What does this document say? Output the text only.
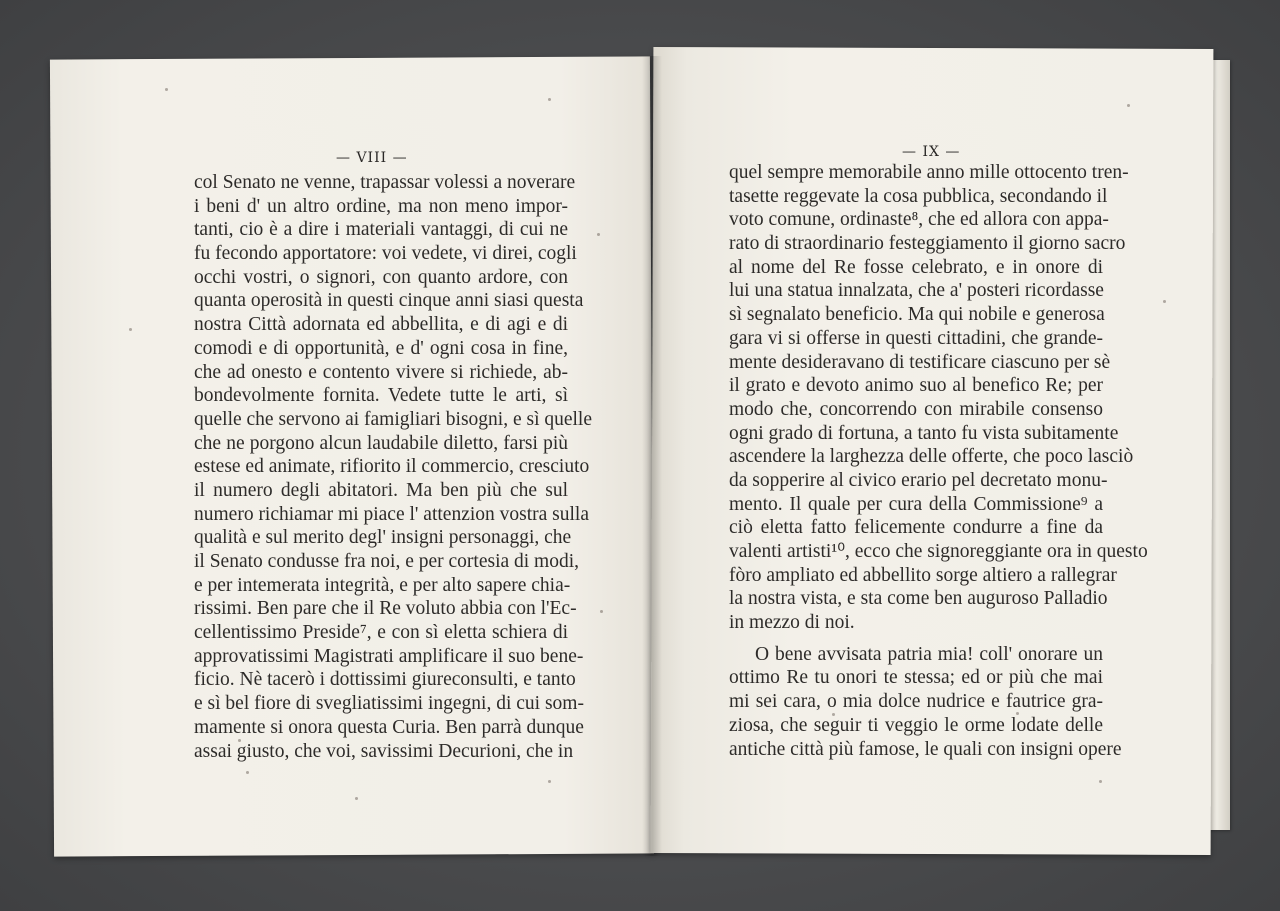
— VIII —	— IX —
col Senato ne venne, trapassar volessi a noverare
i beni d' un altro ordine, ma non meno impor-
tanti, cio è a dire i materiali vantaggi, di cui ne
fu fecondo apportatore: voi vedete, vi direi, cogli
occhi vostri, o signori, con quanto ardore, con
quanta operosità in questi cinque anni siasi questa
nostra Città adornata ed abbellita, e di agi e di
comodi e di opportunità, e d' ogni cosa in fine,
che ad onesto e contento vivere si richiede, ab-
bondevolmente fornita. Vedete tutte le arti, sì
quelle che servono ai famigliari bisogni, e sì quelle
che ne porgono alcun laudabile diletto, farsi più
estese ed animate, rifiorito il commercio, cresciuto
il numero degli abitatori. Ma ben più che sul
numero richiamar mi piace l' attenzion vostra sulla
qualità e sul merito degl' insigni personaggi, che
il Senato condusse fra noi, e per cortesia di modi,
e per intemerata integrità, e per alto sapere chia-
rissimi. Ben pare che il Re voluto abbia con l'Ec-
cellentissimo Preside⁷, e con sì eletta schiera di
approvatissimi Magistrati amplificare il suo bene-
ficio. Nè tacerò i dottissimi giureconsulti, e tanto
e sì bel fiore di svegliatissimi ingegni, di cui som-
mamente si onora questa Curia. Ben parrà dunque
assai giusto, che voi, savissimi Decurioni, che in
quel sempre memorabile anno mille ottocento tren-
tasette reggevate la cosa pubblica, secondando il
voto comune, ordinaste⁸, che ed allora con appa-
rato di straordinario festeggiamento il giorno sacro
al nome del Re fosse celebrato, e in onore di
lui una statua innalzata, che a' posteri ricordasse
sì segnalato beneficio. Ma qui nobile e generosa
gara vi si offerse in questi cittadini, che grande-
mente desideravano di testificare ciascuno per sè
il grato e devoto animo suo al benefico Re; per
modo che, concorrendo con mirabile consenso
ogni grado di fortuna, a tanto fu vista subitamente
ascendere la larghezza delle offerte, che poco lasciò
da sopperire al civico erario pel decretato monu-
mento. Il quale per cura della Commissione⁹ a
ciò eletta fatto felicemente condurre a fine da
valenti artisti¹⁰, ecco che signoreggiante ora in questo
fòro ampliato ed abbellito sorge altiero a rallegrar
la nostra vista, e sta come ben auguroso Palladio
in mezzo di noi.
O bene avvisata patria mia! coll' onorare un
ottimo Re tu onori te stessa; ed or più che mai
mi sei cara, o mia dolce nudrice e fautrice gra-
ziosa, che seguir ti veggio le orme lodate delle
antiche città più famose, le quali con insigni opere
